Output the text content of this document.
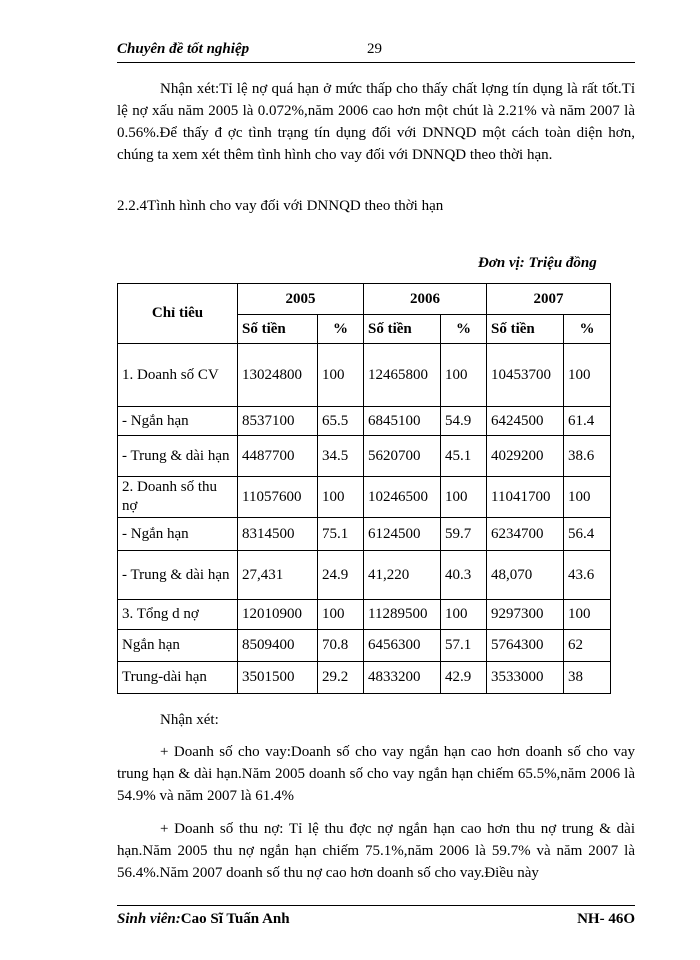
Chuyên đề tốt nghiệp	29

Nhận xét:Tỉ lệ nợ quá hạn ở mức thấp cho thấy chất lợng tín dụng là rất tốt.Tỉ lệ nợ xấu năm 2005 là 0.072%,năm 2006 cao hơn một chút là 2.21% và năm 2007 là 0.56%.Để thấy đ ợc tình trạng tín dụng đối với DNNQD một cách toàn diện hơn, chúng ta xem xét thêm tình hình cho vay đối với DNNQD theo thời hạn.

2.2.4Tình hình cho vay đối với DNNQD theo thời hạn
Đơn vị: Triệu đồng
Chỉ tiêu	2005		2006		2007	
	Số tiền	%	Số tiền	%	Số tiền	%
1. Doanh số CV	13024800	100	12465800	100	10453700	100
- Ngắn hạn	8537100	65.5	6845100	54.9	6424500	61.4
- Trung & dài hạn	4487700	34.5	5620700	45.1	4029200	38.6
2. Doanh số thu nợ	11057600	100	10246500	100	11041700	100
- Ngắn hạn	8314500	75.1	6124500	59.7	6234700	56.4
- Trung & dài hạn	27,431	24.9	41,220	40.3	48,070	43.6
3. Tổng d nợ	12010900	100	11289500	100	9297300	100
Ngắn hạn	8509400	70.8	6456300	57.1	5764300	62
Trung-dài hạn	3501500	29.2	4833200	42.9	3533000	38
Nhận xét:

+ Doanh số cho vay:Doanh số cho vay ngắn hạn cao hơn doanh số cho vay trung hạn & dài hạn.Năm 2005 doanh số cho vay ngắn hạn chiếm 65.5%,năm 2006 là 54.9% và năm 2007 là 61.4%

+ Doanh số thu nợ: Tỉ lệ thu đợc nợ ngắn hạn cao hơn thu nợ trung & dài hạn.Năm 2005 thu nợ ngắn hạn chiếm 75.1%,năm 2006 là 59.7% và năm 2007 là 56.4%.Năm 2007 doanh số thu nợ cao hơn doanh số cho vay.Điều này

Sinh viên:Cao Sĩ Tuấn Anh	NH- 46O
